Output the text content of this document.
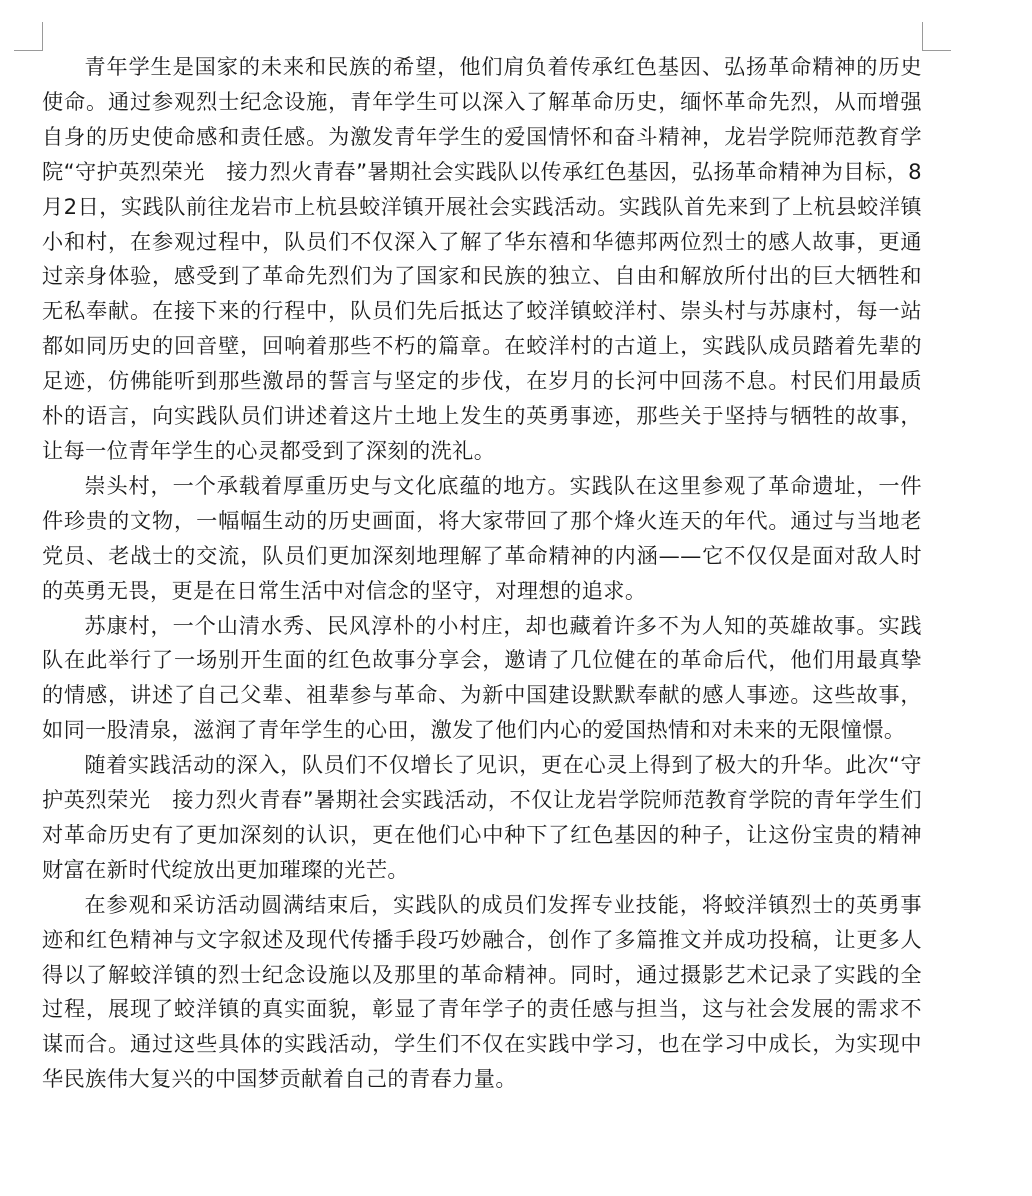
青年学生是国家的未来和民族的希望，他们肩负着传承红色基因、弘扬革命精神的历史使命。通过参观烈士纪念设施，青年学生可以深入了解革命历史，缅怀革命先烈，从而增强自身的历史使命感和责任感。为激发青年学生的爱国情怀和奋斗精神，龙岩学院师范教育学院“守护英烈荣光　接力烈火青春”暑期社会实践队以传承红色基因，弘扬革命精神为目标，8月2日，实践队前往龙岩市上杭县蛟洋镇开展社会实践活动。实践队首先来到了上杭县蛟洋镇小和村，在参观过程中，队员们不仅深入了解了华东禧和华德邦两位烈士的感人故事，更通过亲身体验，感受到了革命先烈们为了国家和民族的独立、自由和解放所付出的巨大牺牲和无私奉献。在接下来的行程中，队员们先后抵达了蛟洋镇蛟洋村、崇头村与苏康村，每一站都如同历史的回音壁，回响着那些不朽的篇章。在蛟洋村的古道上，实践队成员踏着先辈的足迹，仿佛能听到那些激昂的誓言与坚定的步伐，在岁月的长河中回荡不息。村民们用最质朴的语言，向实践队员们讲述着这片土地上发生的英勇事迹，那些关于坚持与牺牲的故事，让每一位青年学生的心灵都受到了深刻的洗礼。

崇头村，一个承载着厚重历史与文化底蕴的地方。实践队在这里参观了革命遗址，一件件珍贵的文物，一幅幅生动的历史画面，将大家带回了那个烽火连天的年代。通过与当地老党员、老战士的交流，队员们更加深刻地理解了革命精神的内涵——它不仅仅是面对敌人时的英勇无畏，更是在日常生活中对信念的坚守，对理想的追求。

苏康村，一个山清水秀、民风淳朴的小村庄，却也藏着许多不为人知的英雄故事。实践队在此举行了一场别开生面的红色故事分享会，邀请了几位健在的革命后代，他们用最真挚的情感，讲述了自己父辈、祖辈参与革命、为新中国建设默默奉献的感人事迹。这些故事，如同一股清泉，滋润了青年学生的心田，激发了他们内心的爱国热情和对未来的无限憧憬。

随着实践活动的深入，队员们不仅增长了见识，更在心灵上得到了极大的升华。此次“守护英烈荣光　接力烈火青春”暑期社会实践活动，不仅让龙岩学院师范教育学院的青年学生们对革命历史有了更加深刻的认识，更在他们心中种下了红色基因的种子，让这份宝贵的精神财富在新时代绽放出更加璀璨的光芒。

在参观和采访活动圆满结束后，实践队的成员们发挥专业技能，将蛟洋镇烈士的英勇事迹和红色精神与文字叙述及现代传播手段巧妙融合，创作了多篇推文并成功投稿，让更多人得以了解蛟洋镇的烈士纪念设施以及那里的革命精神。同时，通过摄影艺术记录了实践的全过程，展现了蛟洋镇的真实面貌，彰显了青年学子的责任感与担当，这与社会发展的需求不谋而合。通过这些具体的实践活动，学生们不仅在实践中学习，也在学习中成长，为实现中华民族伟大复兴的中国梦贡献着自己的青春力量。
